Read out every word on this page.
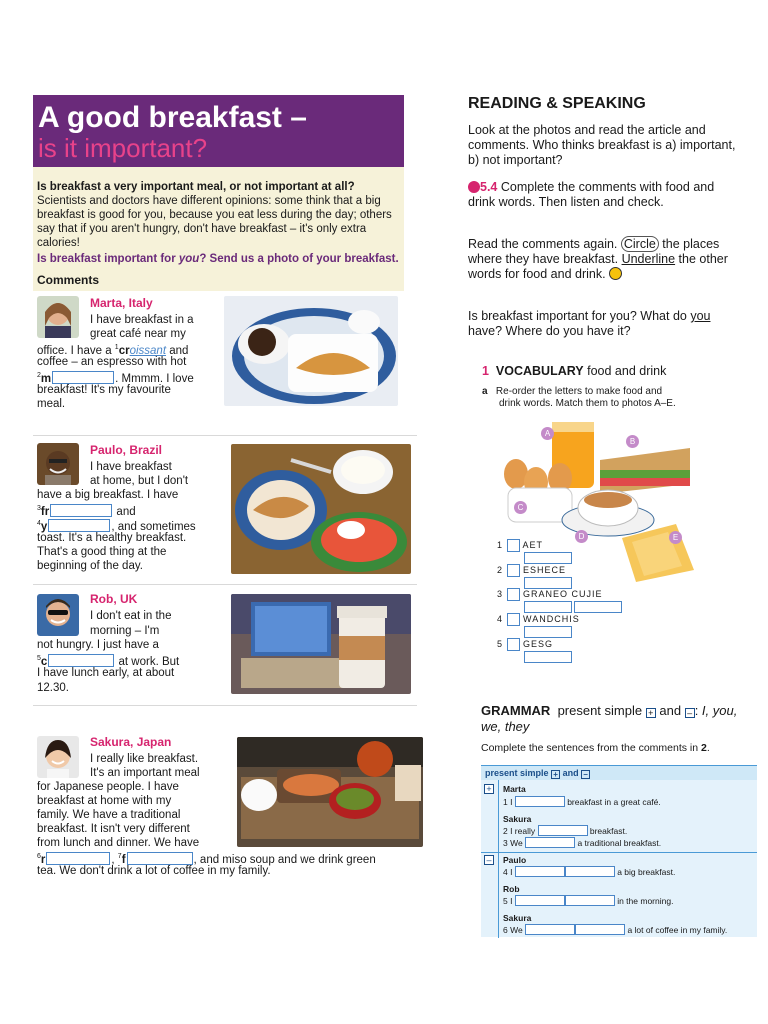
A good breakfast –
is it important?
Is breakfast a very important meal, or not important at all?
Scientists and doctors have different opinions: some think that a big breakfast is good for you, because you eat less during the day; others say that if you aren't hungry, don't have breakfast – it's only extra calories!
Is breakfast important for you? Send us a photo of your breakfast.
Comments
Marta, Italy
I have breakfast in a
great café near my
office. I have a $^1$croissant and
coffee – an espresso with hot
$^2$m	. Mmmm. I love
breakfast! It's my favourite
meal.
Paulo, Brazil
I have breakfast
at home, but I don't
have a big breakfast. I have
$^3$fr	and
$^4$y	, and sometimes
toast. It's a healthy breakfast.
That's a good thing at the
beginning of the day.
Rob, UK
I don't eat in the
morning – I'm
not hungry. I just have a
$^5$c	at work. But
I have lunch early, at about
12.30.
Sakura, Japan
I really like breakfast.
It's an important meal
for Japanese people. I have
breakfast at home with my
family. We have a traditional
breakfast. It isn't very different
from lunch and dinner. We have
$^6$r	, $^7$f	, and miso soup and we drink green
tea. We don't drink a lot of coffee in my family.
READING & SPEAKING
Look at the photos and read the article and comments. Who thinks breakfast is a) important, b) not important?
5.4 Complete the comments with food and drink words. Then listen and check.
Read the comments again. Circle the places where they have breakfast. Underline the other words for food and drink.
Is breakfast important for you? What do you have? Where do you have it?
1 VOCABULARY food and drink
a Re-order the letters to make food and
drink words. Match them to photos A–E.
A
B
C
D	E
1 AET
2 ESHECE
3 GRANEO CUJIE
4 WANDCHIS
5 GESG
GRAMMAR present simple + and – : I, you,
we, they
Complete the sentences from the comments in 2.
present simple + and –
+ Marta
1 I	breakfast in a great café.
Sakura
2 I really	breakfast.
3 We	a traditional breakfast.
– Paulo
4 I	a big breakfast.
Rob
5 I	in the morning.
Sakura
6 We	a lot of coffee in my family.
